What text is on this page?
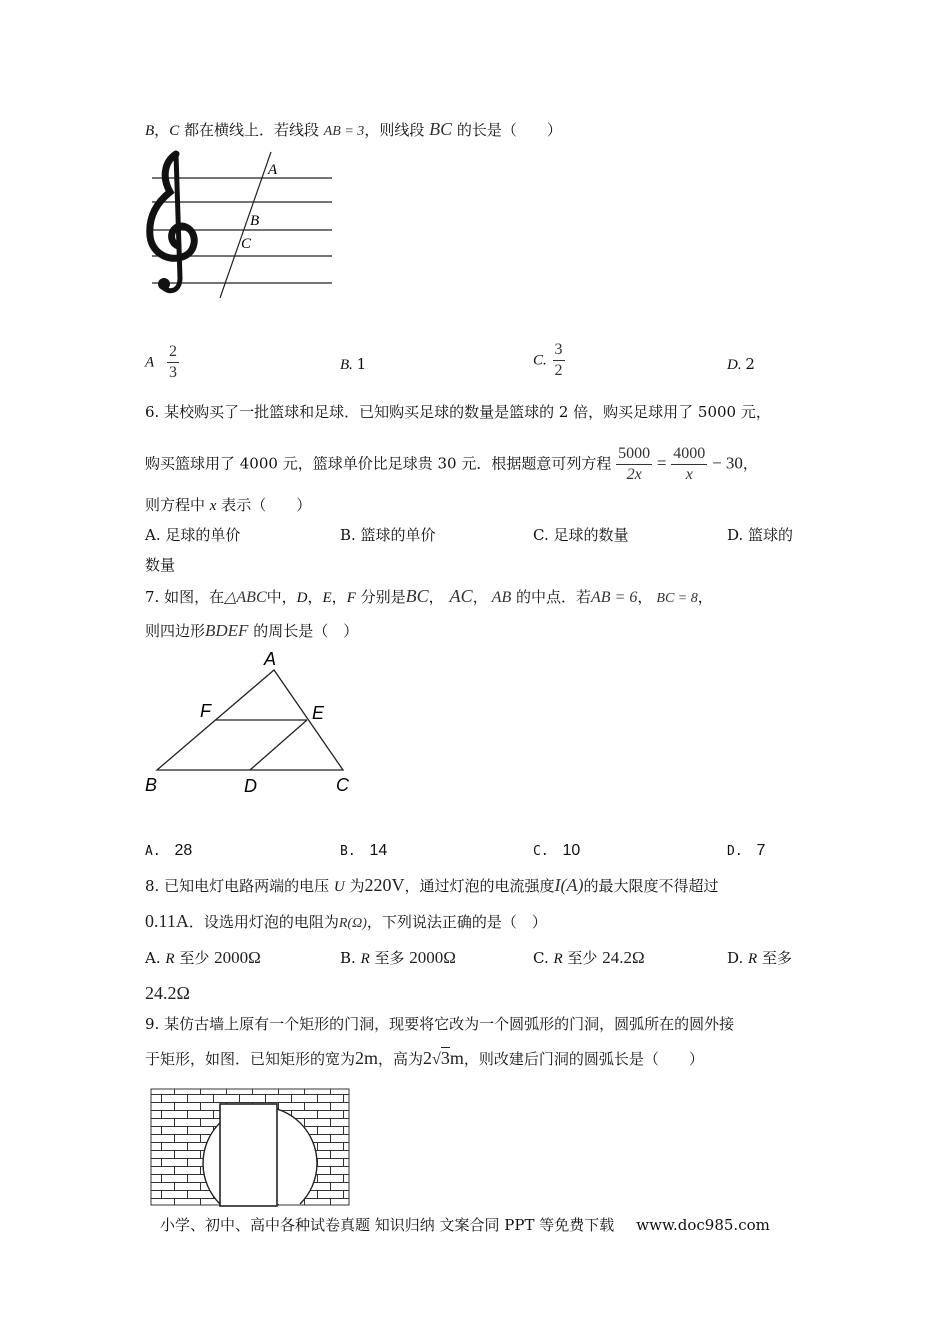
B，C 都在横线上．若线段 AB = 3，则线段 BC 的长是（　　）
A
B
C
A $\frac{2}{3}$	B. 1	C. $\frac{3}{2}$	D. 2
6. 某校购买了一批篮球和足球．已知购买足球的数量是篮球的 2 倍，购买足球用了 5000 元，
购买篮球用了 4000 元，篮球单价比足球贵 30 元．根据题意可列方程 $\frac{5000}{2x} = \frac{4000}{x} - 30$，
则方程中 x 表示（　　）
A. 足球的单价	B. 篮球的单价	C. 足球的数量	D. 篮球的
数量
7. 如图，在△ABC中，D，E，F 分别是BC， AC， AB 的中点．若AB = 6， BC = 8，
则四边形BDEF 的周长是（　）
A
F	E
B	D	C
A. 28	B. 14	C. 10	D. 7
8. 已知电灯电路两端的电压 U 为220V，通过灯泡的电流强度I(A)的最大限度不得超过
0.11A．设选用灯泡的电阻为R(Ω)，下列说法正确的是（　）
A. R 至少 2000Ω	B. R 至多 2000Ω	C. R 至少 24.2Ω	D. R 至多
24.2Ω
9. 某仿古墙上原有一个矩形的门洞，现要将它改为一个圆弧形的门洞，圆弧所在的圆外接
于矩形，如图．已知矩形的宽为2m，高为2√3m，则改建后门洞的圆弧长是（　　）
小学、初中、高中各种试卷真题 知识归纳 文案合同 PPT 等免费下载 www.doc985.com
